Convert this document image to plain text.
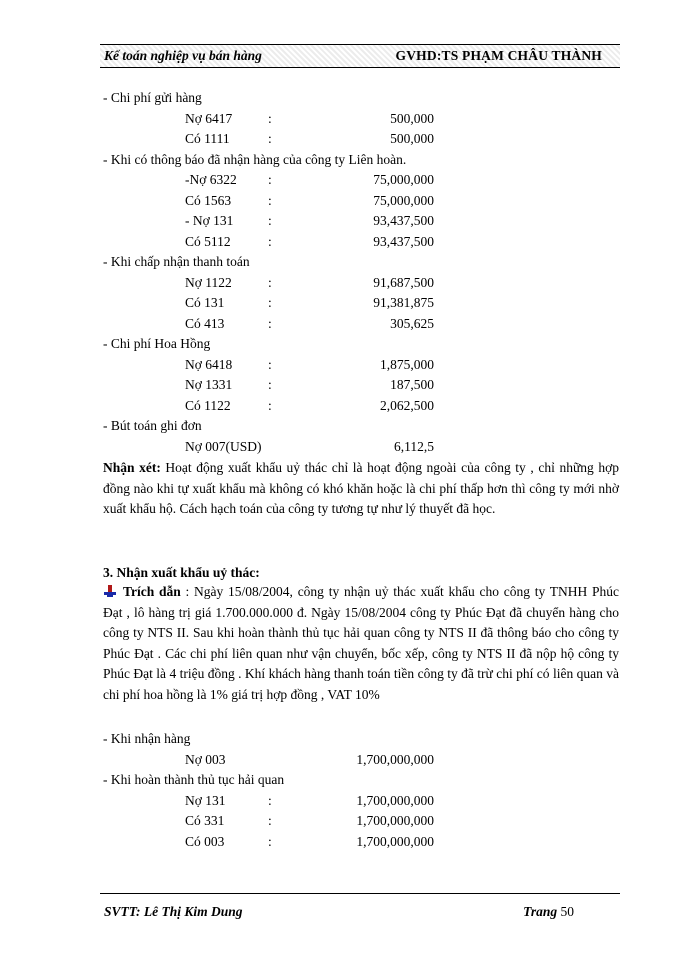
Kế toán nghiệp vụ bán hàng	GVHD:TS PHẠM CHÂU THÀNH
- Chi phí gửi hàng
Nợ 6417	:	500,000
Có 1111	:	500,000
- Khi có thông báo đã nhận hàng của công ty Liên hoàn.
-Nợ 6322 :	75,000,000
Có 1563	:	75,000,000
- Nợ 131	:	93,437,500
Có 5112	:	93,437,500
- Khi chấp nhận thanh toán
Nợ 1122	:	91,687,500
Có 131	:	91,381,875
Có 413	:	305,625
- Chi phí Hoa Hồng
Nợ 6418	:	1,875,000
Nợ 1331	:	187,500
Có 1122	:	2,062,500
- Bút toán ghi đơn
Nợ 007(USD)	6,112,5
Nhận xét: Hoạt động xuất khẩu uỷ thác chỉ là hoạt động ngoài của công ty , chỉ những hợp đồng nào khi tự xuất khẩu mà không có khó khăn hoặc là chi phí thấp hơn thì công ty mới nhờ xuất khẩu hộ. Cách hạch toán của công ty tương tự như lý thuyết đã học.
3. Nhận xuất khẩu uỷ thác:
Trích dẫn : Ngày 15/08/2004, công ty nhận uỷ thác xuất khẩu cho công ty TNHH Phúc Đạt , lô hàng trị giá 1.700.000.000 đ. Ngày 15/08/2004 công ty Phúc Đạt đã chuyển hàng cho công ty NTS II. Sau khi hoàn thành thủ tục hải quan công ty NTS II đã thông báo cho công ty Phúc Đạt . Các chi phí liên quan như vận chuyển, bốc xếp, công ty NTS II đã nộp hộ công ty Phúc Đạt là 4 triệu đồng . Khí khách hàng thanh toán tiền công ty đã trừ chi phí có liên quan và chi phí hoa hồng là 1% giá trị hợp đồng , VAT 10%
- Khi nhận hàng
Nợ 003	1,700,000,000
- Khi hoàn thành thủ tục hải quan
Nợ 131	:	1,700,000,000
Có 331	:	1,700,000,000
Có 003	:	1,700,000,000
SVTT: Lê Thị Kim Dung	Trang 50
